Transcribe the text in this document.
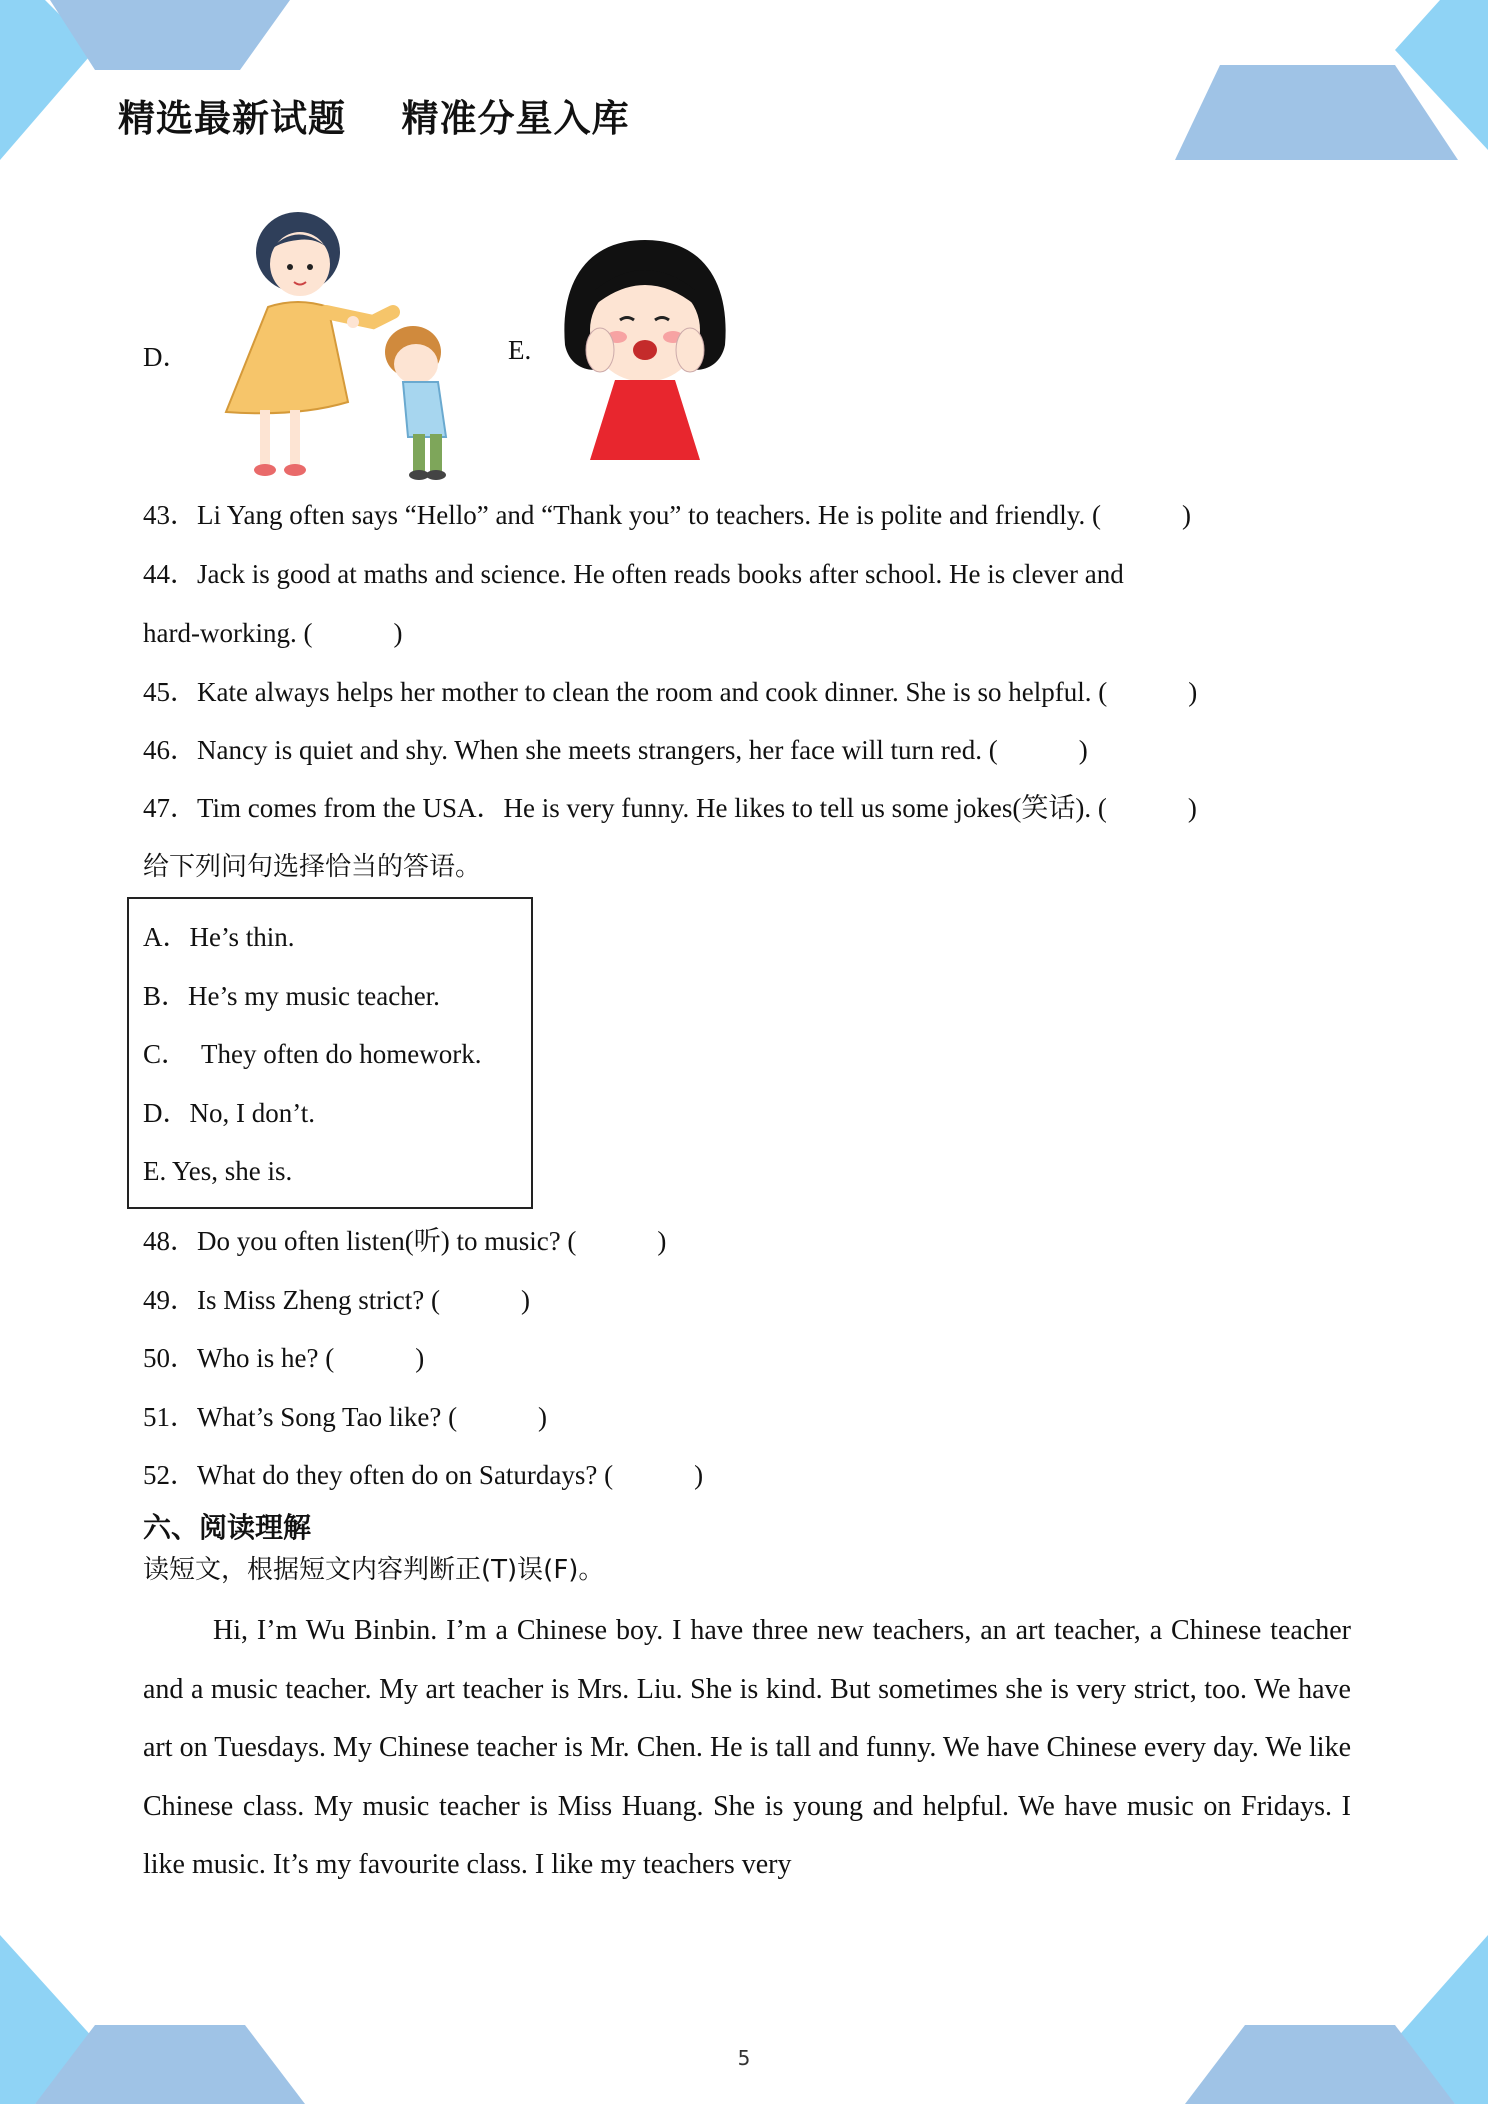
精选最新试题    精准分星入库
D．	E.
43．Li Yang often says “Hello” and “Thank you” to teachers. He is polite and friendly. (            )
44．Jack is good at maths and science. He often reads books after school. He is clever and
hard-working. (            )
45．Kate always helps her mother to clean the room and cook dinner. She is so helpful. (            )
46．Nancy is quiet and shy. When she meets strangers, her face will turn red. (            )
47．Tim comes from the USA．He is very funny. He likes to tell us some jokes(笑话). (            )
给下列问句选择恰当的答语。
A．He’s thin.
B．He’s my music teacher.
C．  They often do homework.
D．No, I don’t.
E. Yes, she is.
48．Do you often listen(听) to music? (            )
49．Is Miss Zheng strict? (            )
50．Who is he? (            )
51．What’s Song Tao like? (            )
52．What do they often do on Saturdays? (            )
六、阅读理解
读短文，根据短文内容判断正(T)误(F)。
Hi, I’m Wu Binbin. I’m a Chinese boy. I have three new teachers, an art teacher, a Chinese teacher and a music teacher. My art teacher is Mrs. Liu. She is kind. But sometimes she is very strict, too. We have art on Tuesdays. My Chinese teacher is Mr. Chen. He is tall and funny. We have Chinese every day. We like Chinese class. My music teacher is Miss Huang. She is young and helpful. We have music on Fridays. I like music. It’s my favourite class. I like my teachers very
5
